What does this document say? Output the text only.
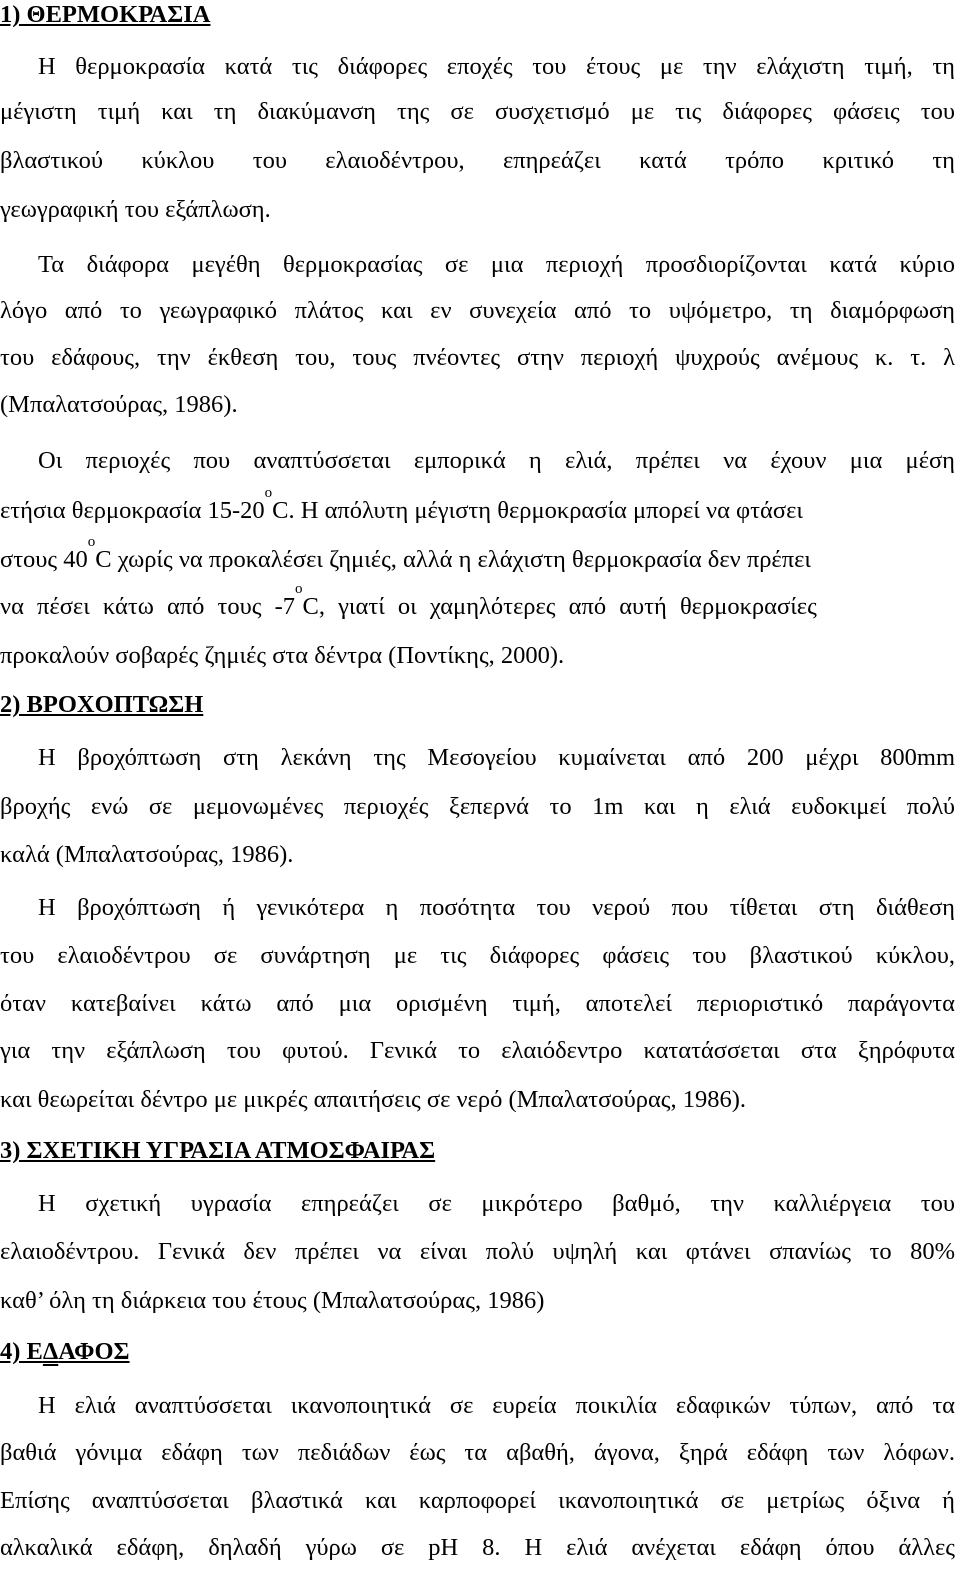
1) ΘΕΡΜΟΚΡΑΣΙΑ
Η θερμοκρασία κατά τις διάφορες εποχές του έτους με την ελάχιστη τιμή, τη
μέγιστη τιμή και τη διακύμανση της σε συσχετισμό με τις διάφορες φάσεις του
βλαστικού κύκλου του ελαιοδέντρου, επηρεάζει κατά τρόπο κριτικό τη
γεωγραφική του εξάπλωση.
Τα διάφορα μεγέθη θερμοκρασίας σε μια περιοχή προσδιορίζονται κατά κύριο
λόγο από το γεωγραφικό πλάτος και εν συνεχεία από το υψόμετρο, τη διαμόρφωση
του εδάφους, την έκθεση του, τους πνέοντες στην περιοχή ψυχρούς ανέμους κ. τ. λ
(Μπαλατσούρας, 1986).
Οι περιοχές που αναπτύσσεται εμπορικά η ελιά, πρέπει να έχουν μια μέση
ετήσια θερμοκρασία 15-20$^o$C. Η απόλυτη μέγιστη θερμοκρασία μπορεί να φτάσει
στους 40$^o$C χωρίς να προκαλέσει ζημιές, αλλά η ελάχιστη θερμοκρασία δεν πρέπει
να πέσει κάτω από τους -7$^o$C, γιατί οι χαμηλότερες από αυτή θερμοκρασίες
προκαλούν σοβαρές ζημιές στα δέντρα (Ποντίκης, 2000).
2) ΒΡΟΧΟΠΤΩΣΗ
Η βροχόπτωση στη λεκάνη της Μεσογείου κυμαίνεται από 200 μέχρι 800mm
βροχής ενώ σε μεμονωμένες περιοχές ξεπερνά το 1m και η ελιά ευδοκιμεί πολύ
καλά (Μπαλατσούρας, 1986).
Η βροχόπτωση ή γενικότερα η ποσότητα του νερού που τίθεται στη διάθεση
του ελαιοδέντρου σε συνάρτηση με τις διάφορες φάσεις του βλαστικού κύκλου,
όταν κατεβαίνει κάτω από μια ορισμένη τιμή, αποτελεί περιοριστικό παράγοντα
για την εξάπλωση του φυτού. Γενικά το ελαιόδεντρο κατατάσσεται στα ξηρόφυτα
και θεωρείται δέντρο με μικρές απαιτήσεις σε νερό (Μπαλατσούρας, 1986).
3) ΣΧΕΤΙΚΗ ΥΓΡΑΣΙΑ ΑΤΜΟΣΦΑΙΡΑΣ
Η σχετική υγρασία επηρεάζει σε μικρότερο βαθμό, την καλλιέργεια του
ελαιοδέντρου. Γενικά δεν πρέπει να είναι πολύ υψηλή και φτάνει σπανίως το 80%
καθ’ όλη τη διάρκεια του έτους (Μπαλατσούρας, 1986)
4) ΕΔΑΦΟΣ
Η ελιά αναπτύσσεται ικανοποιητικά σε ευρεία ποικιλία εδαφικών τύπων, από τα
βαθιά γόνιμα εδάφη των πεδιάδων έως τα αβαθή, άγονα, ξηρά εδάφη των λόφων.
Επίσης αναπτύσσεται βλαστικά και καρποφορεί ικανοποιητικά σε μετρίως όξινα ή
αλκαλικά εδάφη, δηλαδή γύρω σε pH 8. Η ελιά ανέχεται εδάφη όπου άλλες
